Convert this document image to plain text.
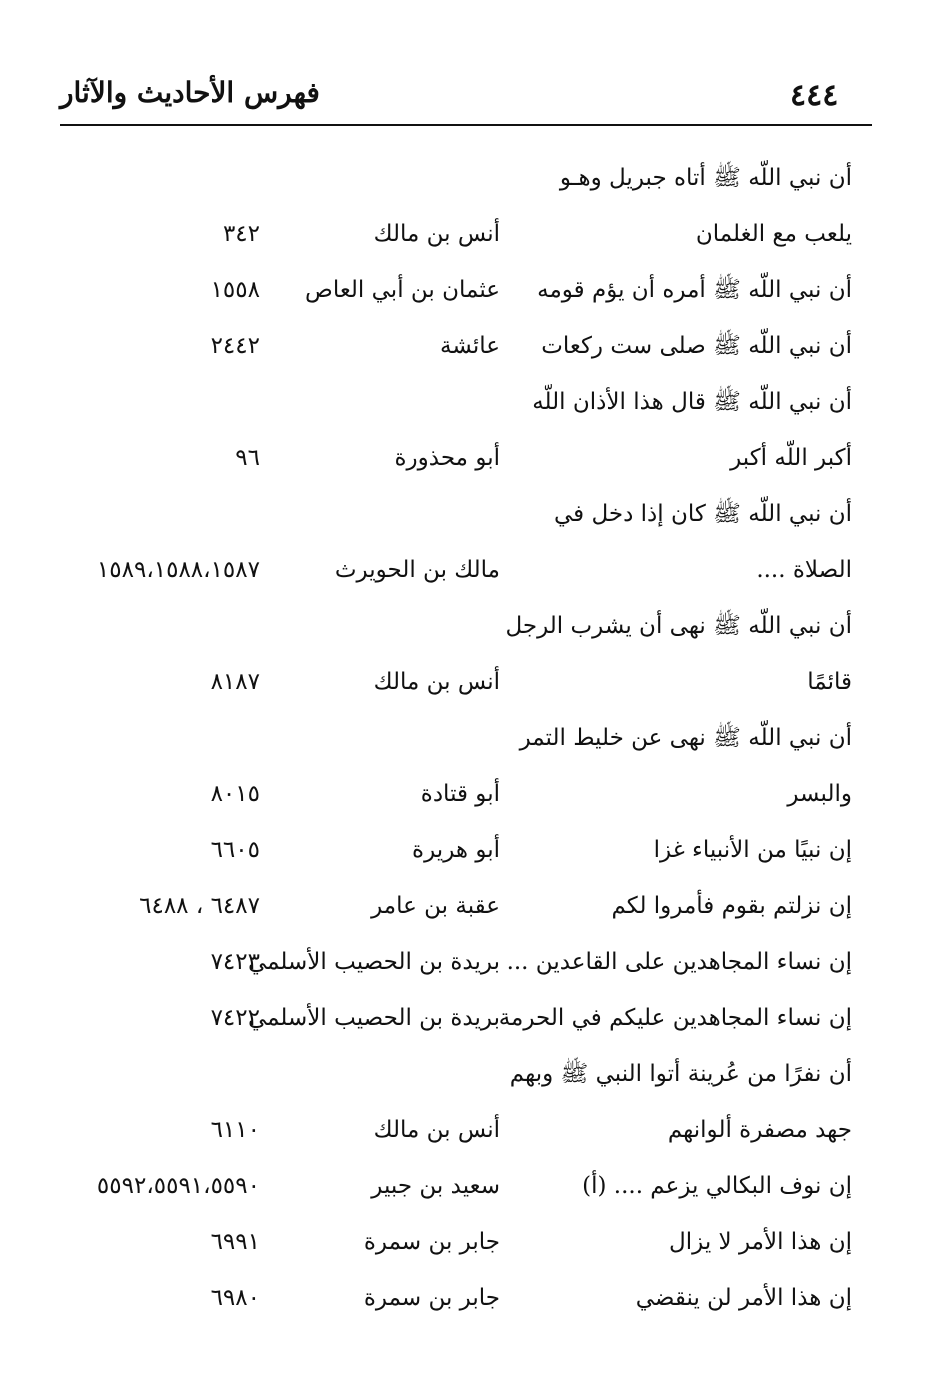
٤٤٤
فهرس الأحاديث والآثار
أن نبي اللّه ﷺ أتاه جبريل وهـو
يلعب مع الغلمان
أنس بن مالك
٣٤٢
أن نبي اللّه ﷺ أمره أن يؤم قومه
عثمان بن أبي العاص
١٥٥٨
أن نبي اللّه ﷺ صلى ست ركعات
عائشة
٢٤٤٢
أن نبي اللّه ﷺ قال هذا الأذان اللّه
أكبر اللّه أكبر
أبو محذورة
٩٦
أن نبي اللّه ﷺ كان إذا دخل في
الصلاة ....
مالك بن الحويرث
١٥٨٩،١٥٨٨،١٥٨٧
أن نبي اللّه ﷺ نهى أن يشرب الرجل
قائمًا
أنس بن مالك
٨١٨٧
أن نبي اللّه ﷺ نهى عن خليط التمر
والبسر
أبو قتادة
٨٠١٥
إن نبيًا من الأنبياء غزا
أبو هريرة
٦٦٠٥
إن نزلتم بقوم فأمروا لكم
عقبة بن عامر
٦٤٨٧ ، ٦٤٨٨
إن نساء المجاهدين على القاعدين ...
بريدة بن الحصيب الأسلمي
٧٤٢٣
إن نساء المجاهدين عليكم في الحرمة
بريدة بن الحصيب الأسلمي
٧٤٢٢
أن نفرًا من عُرينة أتوا النبي ﷺ وبهم
جهد مصفرة ألوانهم
أنس بن مالك
٦١١٠
إن نوف البكالي يزعم .... (أ)
سعيد بن جبير
٥٥٩٢،٥٥٩١،٥٥٩٠
إن هذا الأمر لا يزال
جابر بن سمرة
٦٩٩١
إن هذا الأمر لن ينقضي
جابر بن سمرة
٦٩٨٠
